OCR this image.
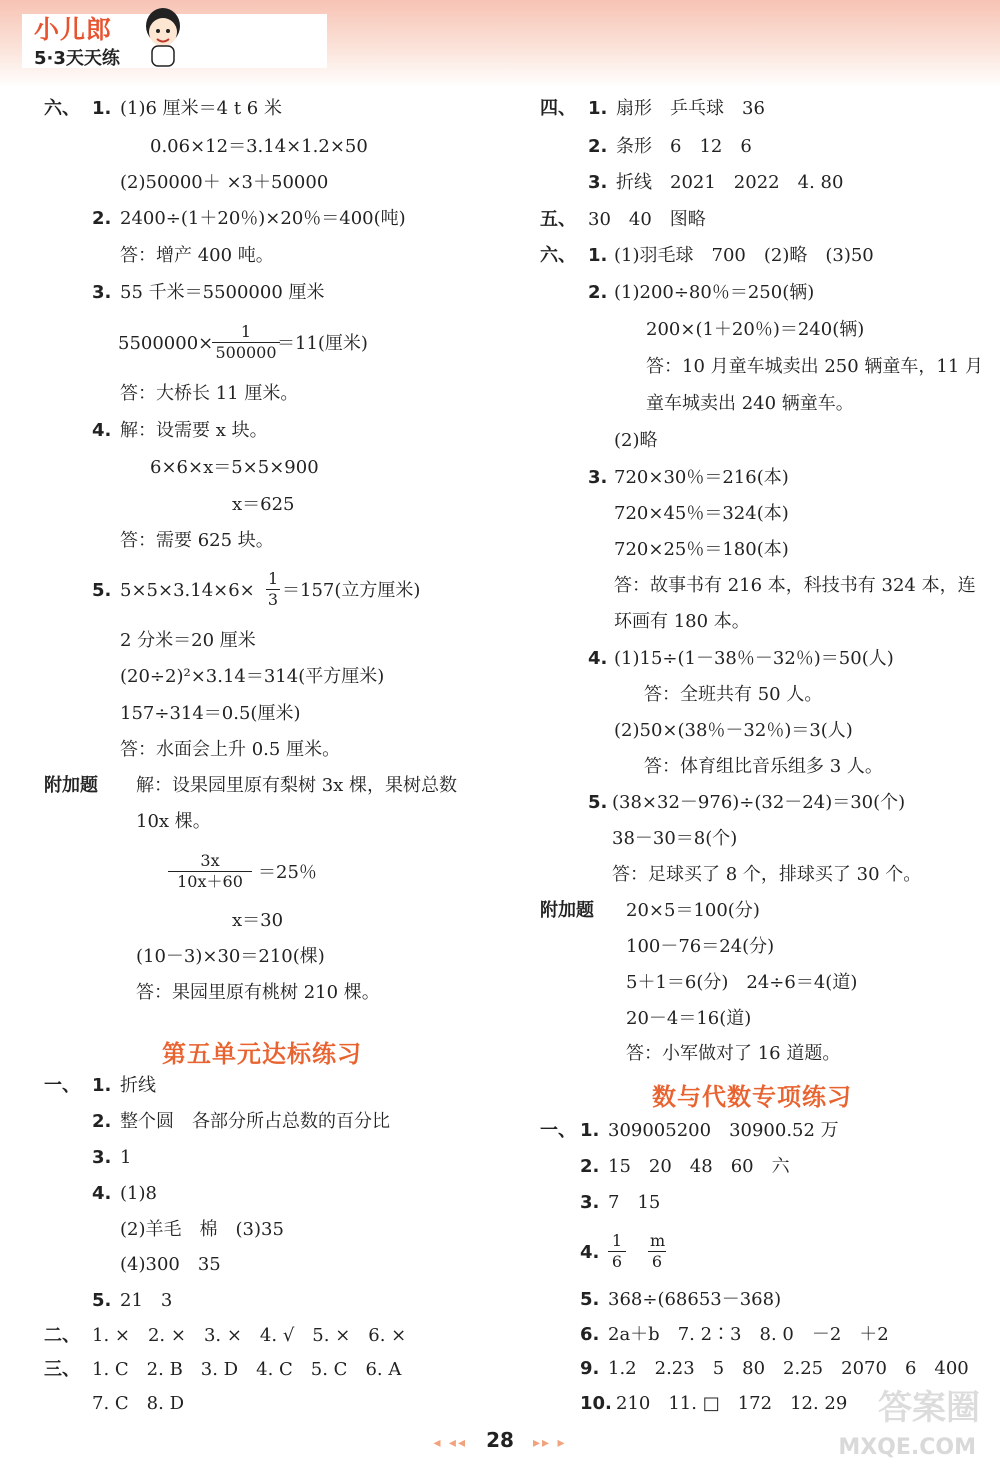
小儿郎
5·3天天练
六、 1. (1)6 厘米＝4 t 6 米
0.06×12＝3.14×1.2×50
(2)50000＋ ×3＋50000
2. 2400÷(1＋20％)×20％＝400(吨)
答：增产 400 吨。
3. 55 千米＝5500000 厘米
5500000×	＝11(厘米)
答：大桥长 11 厘米。
4. 解：设需要 x 块。
6×6×x＝5×5×900
x＝625
答：需要 625 块。
5. 5×5×3.14×6× ＝157(立方厘米)
2 分米＝20 厘米
(20÷2)²×3.14＝314(平方厘米)
157÷314＝0.5(厘米)
答：水面会上升 0.5 厘米。
附加题 解：设果园里原有梨树 3x 棵，果树总数
10x 棵。
＝25％
x＝30
(10－3)×30＝210(棵)
答：果园里原有桃树 210 棵。
一、 1. 折线
2. 整个圆　各部分所占总数的百分比
3. 1
4. (1)8
(2)羊毛　棉　(3)35
(4)300　35
5. 21　3
二、 1. ×　2. ×　3. ×　4. √　5. ×　6. ×
三、 1. C　2. B　3. D　4. C　5. C　6. A
7. C　8. D
四、 1. 扇形　乒乓球　36
2. 条形　6　12　6
3. 折线　2021　2022　4. 80
五、 30　40　图略
六、 1. (1)羽毛球　700　(2)略　(3)50
2. (1)200÷80％＝250(辆)
200×(1＋20％)＝240(辆)
答：10 月童车城卖出 250 辆童车，11 月
童车城卖出 240 辆童车。
(2)略
3. 720×30％＝216(本)
720×45％＝324(本)
720×25％＝180(本)
答：故事书有 216 本，科技书有 324 本，连
环画有 180 本。
4. (1)15÷(1－38％－32％)＝50(人)
答：全班共有 50 人。
(2)50×(38％－32％)＝3(人)
答：体育组比音乐组多 3 人。
5. (38×32－976)÷(32－24)＝30(个)
38－30＝8(个)
答：足球买了 8 个，排球买了 30 个。
附加题 20×5＝100(分)
100－76＝24(分)
5＋1＝6(分)　24÷6＝4(道)
20－4＝16(道)
答：小军做对了 16 道题。
一、 1. 309005200　30900.52 万
2. 15　20　48　60　六
3. 7　15
4.
5. 368÷(68653－368)
6. 2a＋b　7. 2∶3　8. 0　－2　＋2
9. 1.2　2.23　5　80　2.25　2070　6　400
10. 210　11. □　172　12. 29
$\frac{1}{500000}$
$\frac{1}{3}$
$\frac{3x}{10x+60}$
$\frac{1}{6} \frac{m}{6}$
第五单元达标练习
数与代数专项练习
◂ ◂◂ 28 ▸▸ ▸
答案圈
MXQE.COM
